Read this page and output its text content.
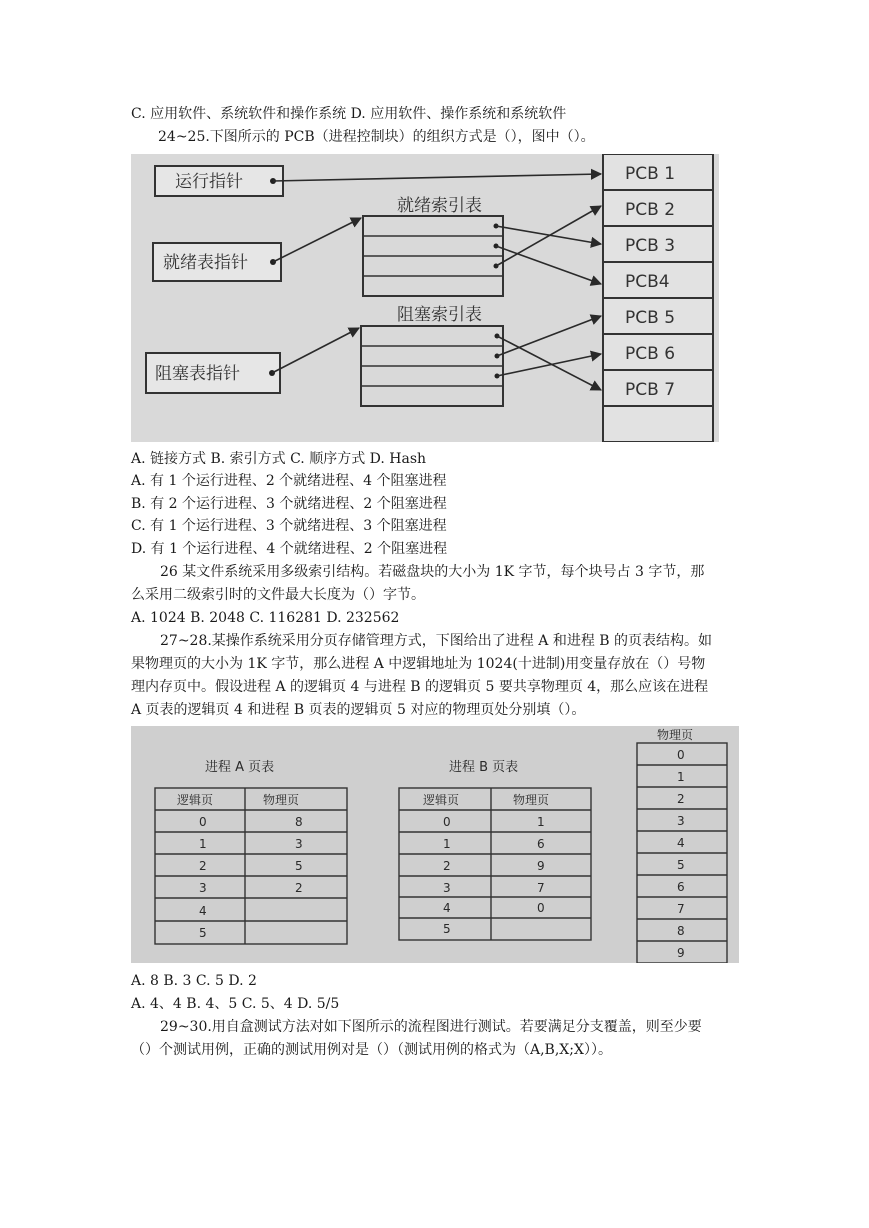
C. 应用软件、系统软件和操作系统 D. 应用软件、操作系统和系统软件
24~25.下图所示的 PCB（进程控制块）的组织方式是（），图中（）。
运行指针
就绪表指针
阻塞表指针
就绪索引表
阻塞索引表
PCB 1
PCB 2
PCB 3
PCB4
PCB 5
PCB 6
PCB 7
A. 链接方式 B. 索引方式 C. 顺序方式 D. Hash
A. 有 1 个运行进程、2 个就绪进程、4 个阻塞进程
B. 有 2 个运行进程、3 个就绪进程、2 个阻塞进程
C. 有 1 个运行进程、3 个就绪进程、3 个阻塞进程
D. 有 1 个运行进程、4 个就绪进程、2 个阻塞进程
26 某文件系统采用多级索引结构。若磁盘块的大小为 1K 字节，每个块号占 3 字节，那
么采用二级索引时的文件最大长度为（）字节。
A. 1024 B. 2048 C. 116281 D. 232562
27~28.某操作系统采用分页存储管理方式，下图给出了进程 A 和进程 B 的页表结构。如
果物理页的大小为 1K 字节，那么进程 A 中逻辑地址为 1024(十进制)用变量存放在（）号物
理内存页中。假设进程 A 的逻辑页 4 与进程 B 的逻辑页 5 要共享物理页 4，那么应该在进程
A 页表的逻辑页 4 和进程 B 页表的逻辑页 5 对应的物理页处分别填（）。
进程 A 页表	进程 B 页表
逻辑页	物理页
0	8
1	3
2	5
3	2
4
5
逻辑页	物理页
0	1
1	6
2	9
3	7
4	0
5
物理页
0
1
2
3
4
5
6
7
8
9
A. 8 B. 3 C. 5 D. 2
A. 4、4 B. 4、5 C. 5、4 D. 5/5
29~30.用自盒测试方法对如下图所示的流程图进行测试。若要满足分支覆盖，则至少要
（）个测试用例，正确的测试用例对是（）（测试用例的格式为（A,B,X;X））。
